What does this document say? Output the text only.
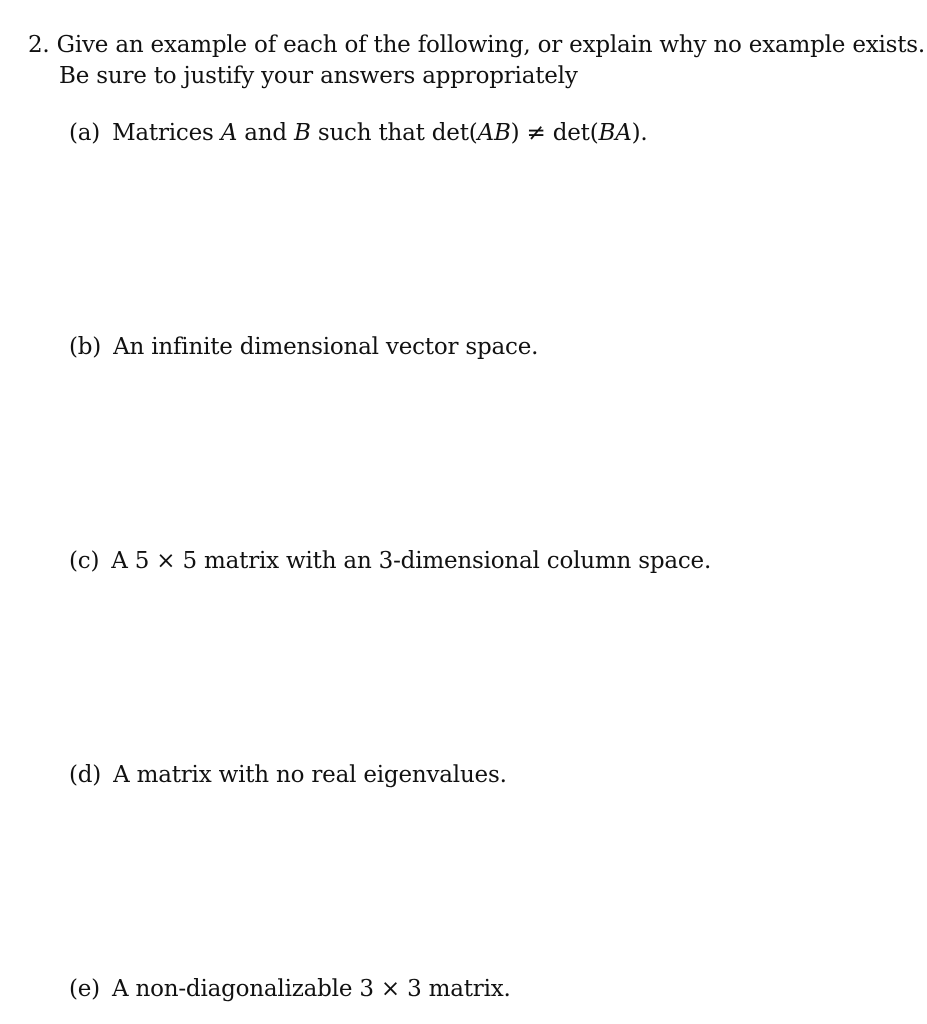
2. Give an example of each of the following, or explain why no example exists.
Be sure to justify your answers appropriately
(a) Matrices A and B such that det(AB) ≠ det(BA).
(b) An infinite dimensional vector space.
(c) A 5 × 5 matrix with an 3-dimensional column space.
(d) A matrix with no real eigenvalues.
(e) A non-diagonalizable 3 × 3 matrix.
